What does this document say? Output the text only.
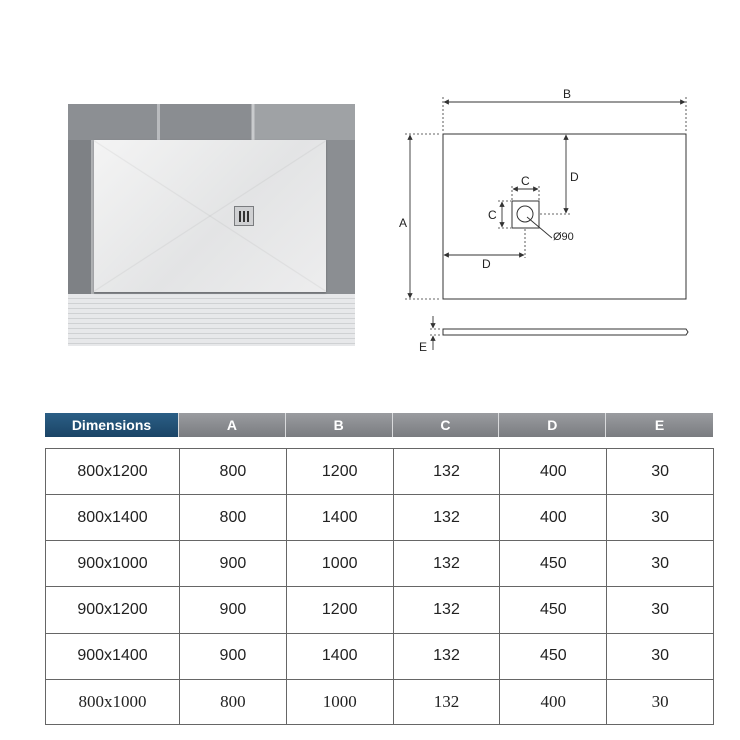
B
A
C
C
D
D
Ø90
E
Dimensions	A	B	C	D	E
800x1200	800	1200	132	400	30
800x1400	800	1400	132	400	30
900x1000	900	1000	132	450	30
900x1200	900	1200	132	450	30
900x1400	900	1400	132	450	30
800x1000	800	1000	132	400	30
